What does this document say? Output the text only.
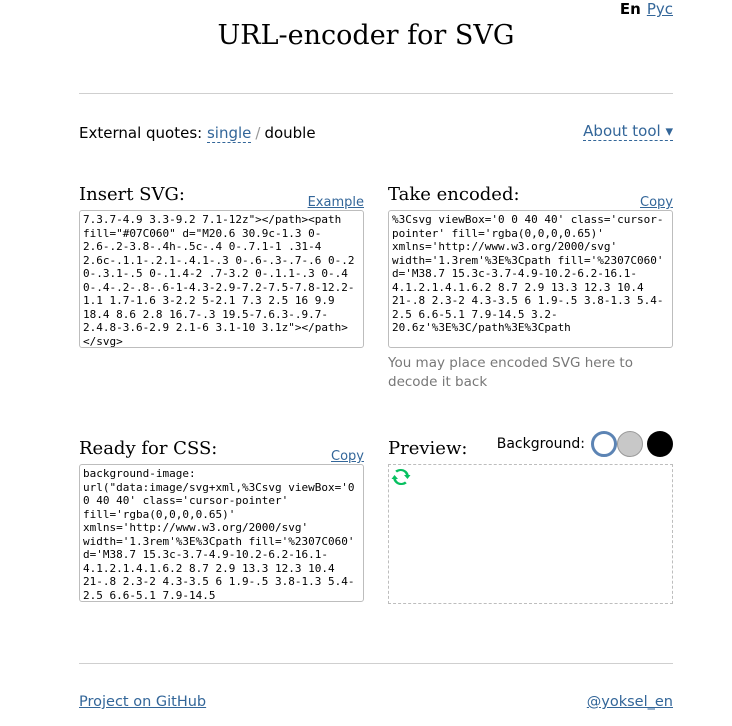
En Рус
URL-encoder for SVG
External quotes: single / double	About tool ▾
Insert SVG:	Example
7.3.7-4.9 3.3-9.2 7.1-12z"></path><path fill="#07C060" d="M20.6 30.9c-1.3 0-2.6-.2-3.8-.4h-.5c-.4 0-.7.1-1 .31-4 2.6c-.1.1-.2.1-.4.1-.3 0-.6-.3-.7-.6 0-.2 0-.3.1-.5 0-.1.4-2 .7-3.2 0-.1.1-.3 0-.4 0-.4-.2-.8-.6-1-4.3-2.9-7.2-7.5-7.8-12.2-1.1 1.7-1.6 3-2.2 5-2.1 7.3 2.5 16 9.9 18.4 8.6 2.8 16.7-.3 19.5-7.6.3-.9.7-2.4.8-3.6-2.9 2.1-6 3.1-10 3.1z"></path></svg> Take encoded:	Copy
%3Csvg viewBox='0 0 40 40' class='cursor-pointer' fill='rgba(0,0,0,0.65)' xmlns='http://www.w3.org/2000/svg' width='1.3rem'%3E%3Cpath fill='%2307C060' d='M38.7 15.3c-3.7-4.9-10.2-6.2-16.1-4.1.2.1.4.1.6.2 8.7 2.9 13.3 12.3 10.4 21-.8 2.3-2 4.3-3.5 6 1.9-.5 3.8-1.3 5.4-2.5 6.6-5.1 7.9-14.5 3.2-20.6z'%3E%3C/path%3E%3Cpath
You may place encoded SVG here to decode it back
Ready for CSS:	Copy
background-image: url("data:image/svg+xml,%3Csvg viewBox='0 0 40 40' class='cursor-pointer' fill='rgba(0,0,0,0.65)' xmlns='http://www.w3.org/2000/svg' width='1.3rem'%3E%3Cpath fill='%2307C060' d='M38.7 15.3c-3.7-4.9-10.2-6.2-16.1-4.1.2.1.4.1.6.2 8.7 2.9 13.3 12.3 10.4 21-.8 2.3-2 4.3-3.5 6 1.9-.5 3.8-1.3 5.4-2.5 6.6-5.1 7.9-14.5 Preview: Background:
Project on GitHub	@yoksel_en
